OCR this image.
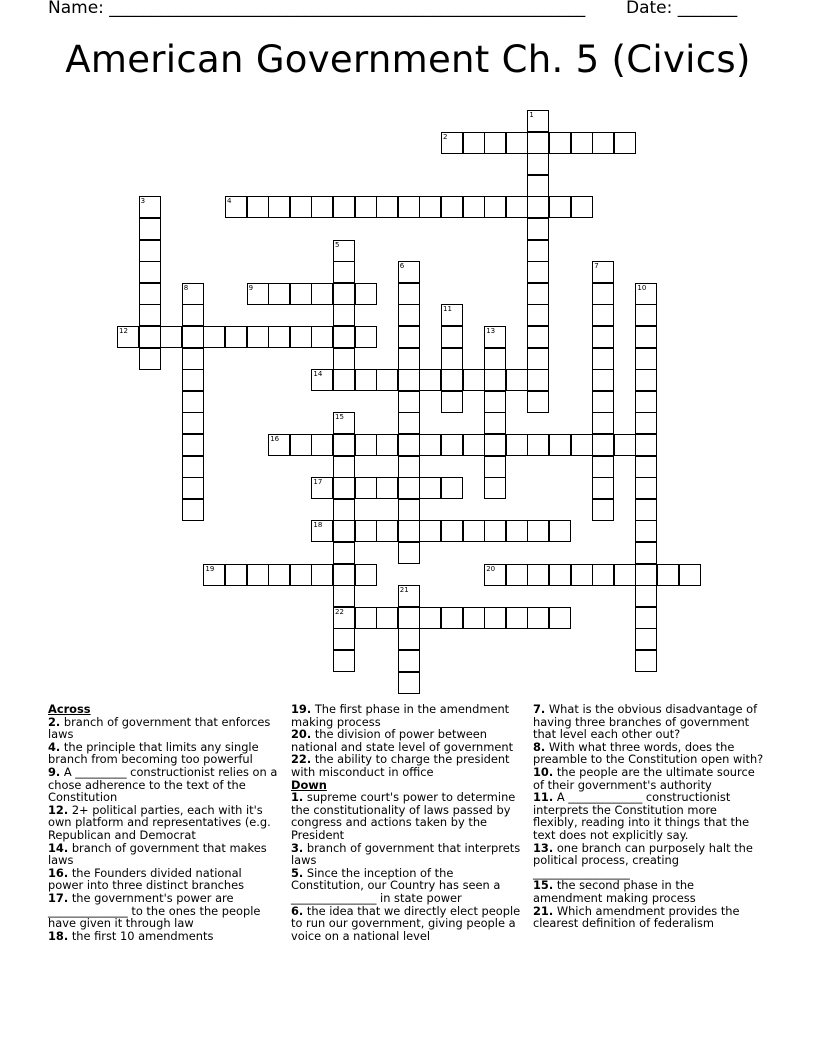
Name: ________________________________________________________ Date: _______
American Government Ch. 5 (Civics)
1
2
3	4
5
6	7
8	9	10
11
12	13
14
15
22
16
17
18
19	20
21
Across

2. branch of government that enforces laws

4. the principle that limits any single branch from becoming too powerful

9. A _________ constructionist relies on a chose adherence to the text of the Constitution

12. 2+ political parties, each with it's own platform and representatives (e.g. Republican and Democrat

14. branch of government that makes laws

16. the Founders divided national power into three distinct branches

17. the government's power are ______________ to the ones the people have given it through law

18. the first 10 amendments

19. The first phase in the amendment making process

20. the division of power between national and state level of government

22. the ability to charge the president with misconduct in office

Down

1. supreme court's power to determine the constitutionality of laws passed by congress and actions taken by the President

3. branch of government that interprets laws

5. Since the inception of the Constitution, our Country has seen a _______________ in state power

6. the idea that we directly elect people to run our government, giving people a voice on a national level

7. What is the obvious disadvantage of having three branches of government that level each other out?

8. With what three words, does the preamble to the Constitution open with?

10. the people are the ultimate source of their government's authority

11. A _____________ constructionist interprets the Constitution more flexibly, reading into it things that the text does not explicitly say.

13. one branch can purposely halt the political process, creating _________________

15. the second phase in the amendment making process

21. Which amendment provides the clearest definition of federalism
